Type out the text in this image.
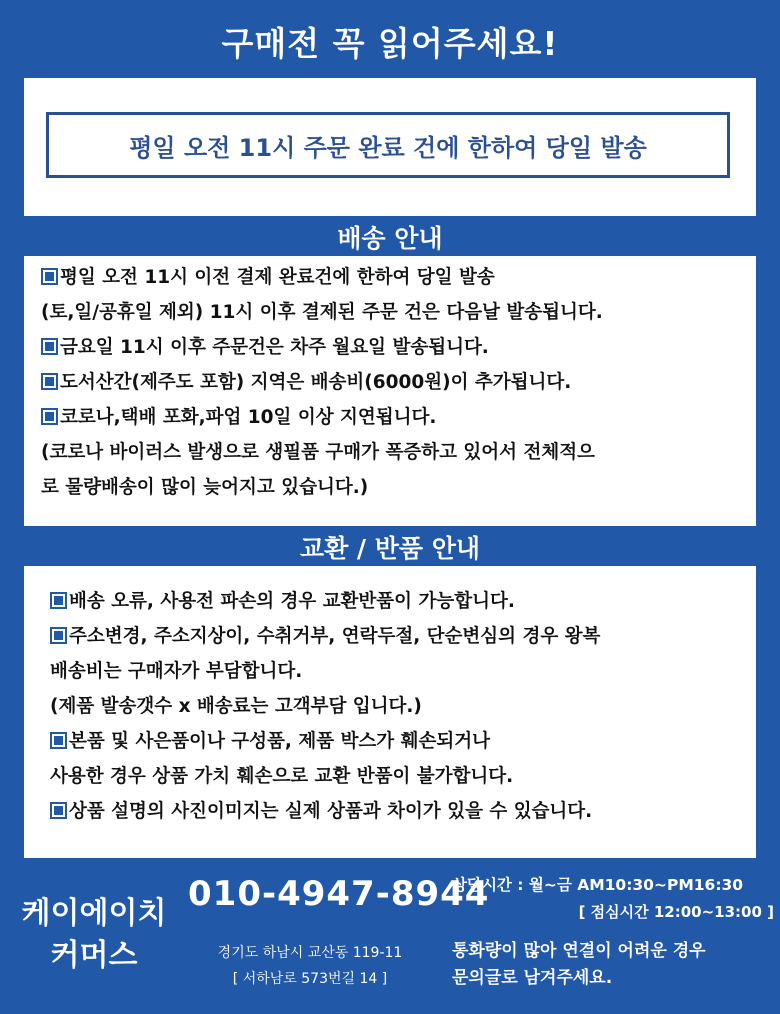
구매전 꼭 읽어주세요!
평일 오전 11시 주문 완료 건에 한하여 당일 발송
배송 안내
평일 오전 11시 이전 결제 완료건에 한하여 당일 발송
(토,일/공휴일 제외) 11시 이후 결제된 주문 건은 다음날 발송됩니다.
금요일 11시 이후 주문건은 차주 월요일 발송됩니다.
도서산간(제주도 포함) 지역은 배송비(6000원)이 추가됩니다.
코로나,택배 포화,파업 10일 이상 지연됩니다.
(코로나 바이러스 발생으로 생필품 구매가 폭증하고 있어서 전체적으
로 물량배송이 많이 늦어지고 있습니다.)
교환 / 반품 안내
배송 오류, 사용전 파손의 경우 교환반품이 가능합니다.
주소변경, 주소지상이, 수취거부, 연락두절, 단순변심의 경우 왕복
배송비는 구매자가 부담합니다.
(제품 발송갯수 x 배송료는 고객부담 입니다.)
본품 및 사은품이나 구성품, 제품 박스가 훼손되거나
사용한 경우 상품 가치 훼손으로 교환 반품이 불가합니다.
상품 설명의 사진이미지는 실제 상품과 차이가 있을 수 있습니다.
케이에이치
커머스
010-4947-8944
경기도 하남시 교산동 119-11
[ 서하남로 573번길 14 ]
상담시간 : 월~금 AM10:30~PM16:30
[ 점심시간 12:00~13:00 ]
통화량이 많아 연결이 어려운 경우
문의글로 남겨주세요.
